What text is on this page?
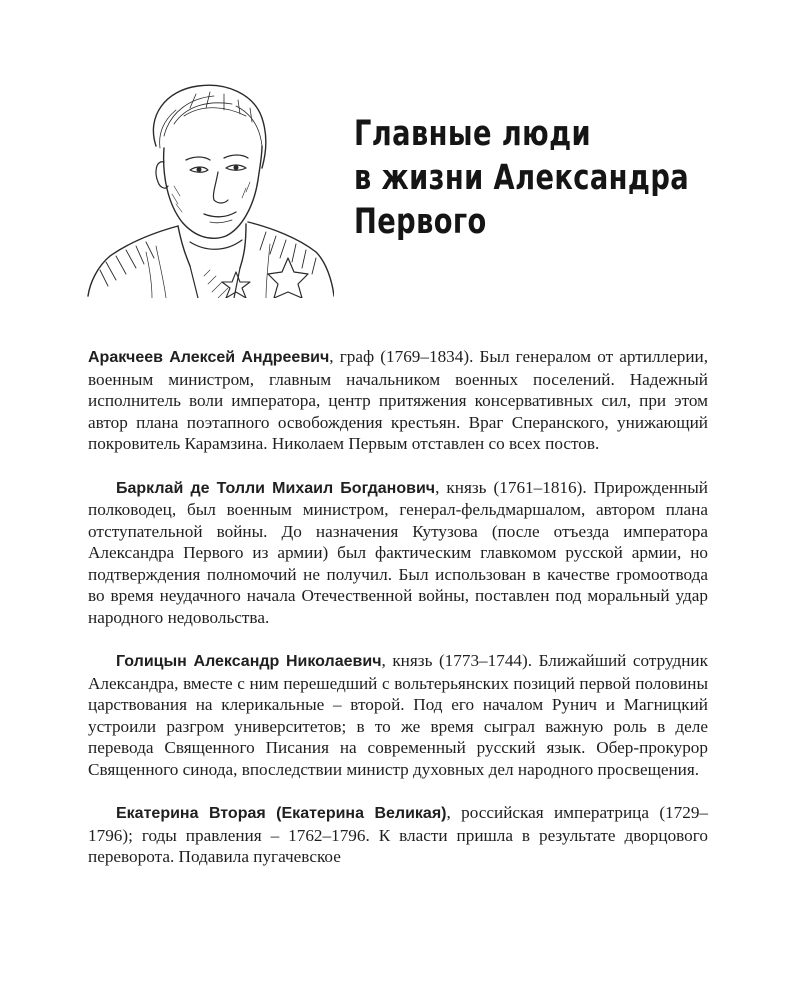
Главные люди
в жизни Александра
Первого

Аракчеев Алексей Андреевич, граф (1769–1834). Был генералом от артиллерии, военным министром, главным начальником военных поселений. Надежный исполнитель воли императора, центр притяжения консервативных сил, при этом автор плана поэтапного освобождения крестьян. Враг Сперанского, унижающий покровитель Карамзина. Николаем Первым отставлен со всех постов.

Барклай де Толли Михаил Богданович, князь (1761–1816). Прирожденный полководец, был военным министром, генерал-фельдмаршалом, автором плана отступательной войны. До назначения Кутузова (после отъезда императора Александра Первого из армии) был фактическим главкомом русской армии, но подтверждения полномочий не получил. Был использован в качестве громоотвода во время неудачного начала Отечественной войны, поставлен под моральный удар народного недовольства.

Голицын Александр Николаевич, князь (1773–1744). Ближайший сотрудник Александра, вместе с ним перешедший с вольтерьянских позиций первой половины царствования на клерикальные – второй. Под его началом Рунич и Магницкий устроили разгром университетов; в то же время сыграл важную роль в деле перевода Священного Писания на современный русский язык. Обер-прокурор Священного синода, впоследствии министр духовных дел народного просвещения.

Екатерина Вторая (Екатерина Великая), российская императрица (1729–1796); годы правления – 1762–1796. К власти пришла в результате дворцового переворота. Подавила пугачевское
